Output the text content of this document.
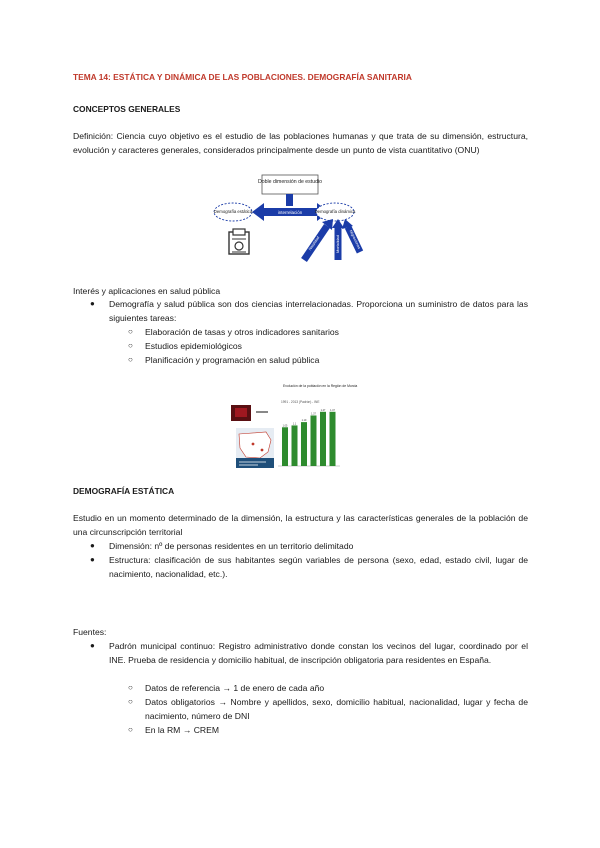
TEMA 14: ESTÁTICA Y DINÁMICA DE LAS POBLACIONES. DEMOGRAFÍA SANITARIA
CONCEPTOS GENERALES
Definición: Ciencia cuyo objetivo es el estudio de las poblaciones humanas y que trata de su dimensión, estructura, evolución y caracteres generales, considerados principalmente desde un punto de vista cuantitativo (ONU)
Doble dimensión de estudio
interrelación
Demografía estática	Demografía dinámica
Natalidad	Mortalidad Migraciones
Interés y aplicaciones en salud pública
● Demografía y salud pública son dos ciencias interrelacionadas. Proporciona un suministro de datos para las siguientes tareas:
○ Elaboración de tasas y otros indicadores sanitarios
○ Estudios epidemiológicos
○ Planificación y programación en salud pública
Evolución de la población en la Región de Murcia
1991 - 2013 (Padrón) - INE
1.05
1.1
1.19
1.37
1.47 1.47
DEMOGRAFÍA ESTÁTICA
Estudio en un momento determinado de la dimensión, la estructura y las características generales de la población de una circunscripción territorial
● Dimensión: nº de personas residentes en un territorio delimitado
● Estructura: clasificación de sus habitantes según variables de persona (sexo, edad, estado civil, lugar de nacimiento, nacionalidad, etc.).
Fuentes:
● Padrón municipal continuo: Registro administrativo donde constan los vecinos del lugar, coordinado por el INE. Prueba de residencia y domicilio habitual, de inscripción obligatoria para residentes en España.
○ Datos de referencia → 1 de enero de cada año
○ Datos obligatorios → Nombre y apellidos, sexo, domicilio habitual, nacionalidad, lugar y fecha de nacimiento, número de DNI
○ En la RM → CREM
